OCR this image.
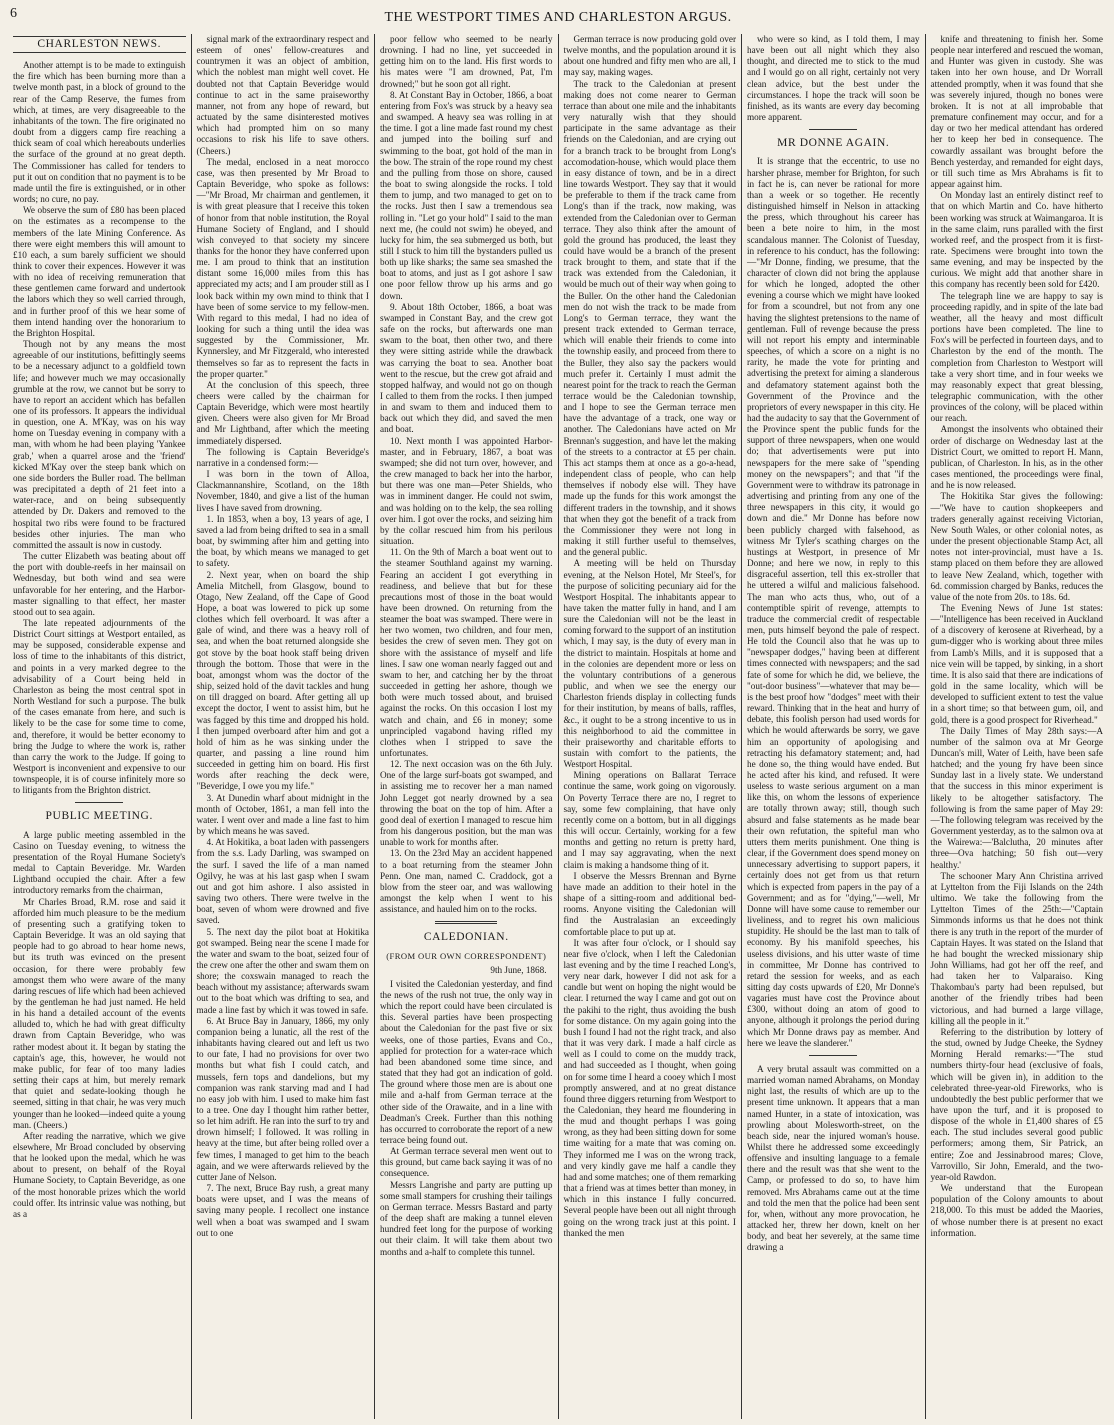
6	THE WESTPORT TIMES AND CHARLESTON ARGUS.
CHARLESTON NEWS.

Another attempt is to be made to extinguish the fire which has been burning more than a twelve month past, in a block of ground to the rear of the Camp Reserve, the fumes from which, at times, are very disagreeable to the inhabitants of the town. The fire originated no doubt from a diggers camp fire reaching a thick seam of coal which hereabouts underlies the surface of the ground at no great depth. The Commissioner has called for tenders to put it out on condition that no payment is to be made until the fire is extinguished, or in other words; no cure, no pay.

We observe the sum of £80 has been placed on the estimates as a recompense to the members of the late Mining Conference. As there were eight members this will amount to £10 each, a sum barely sufficient we should think to cover their expences. However it was with no idea of receiving remuneration that these gentlemen came forward and undertook the labors which they so well carried through, and in further proof of this we hear some of them intend handing over the honorarium to the Brighton Hospital.

Though not by any means the most agreeable of our institutions, befittingly seems to be a necessary adjunct to a goldfield town life; and however much we may occasionally grumble at the row, we cannot but be sorry to have to report an accident which has befallen one of its professors. It appears the individual in question, one A. M'Kay, was on his way home on Tuesday evening in company with a man, with whom he had been playing 'Yankee grab,' when a quarrel arose and the 'friend' kicked M'Kay over the steep bank which on one side borders the Buller road. The bellman was precipitated a depth of 21 feet into a water-race, and on being subsequently attended by Dr. Dakers and removed to the hospital two ribs were found to be fractured besides other injuries. The man who committed the assault is now in custody.

The cutter Elizabeth was beating about off the port with double-reefs in her mainsail on Wednesday, but both wind and sea were unfavorable for her entering, and the Harbor-master signalling to that effect, her master stood out to sea again.

The late repeated adjournments of the District Court sittings at Westport entailed, as may be supposed, considerable expense and loss of time to the inhabitants of this district, and points in a very marked degree to the advisability of a Court being held in Charleston as being the most central spot in North Westland for such a purpose. The bulk of the cases emanate from here, and such is likely to be the case for some time to come, and, therefore, it would be better economy to bring the Judge to where the work is, rather than carry the work to the Judge. If going to Westport is inconvenient and expensive to our townspeople, it is of course infinitely more so to litigants from the Brighton district.

PUBLIC MEETING.

A large public meeting assembled in the Casino on Tuesday evening, to witness the presentation of the Royal Humane Society's medal to Captain Beveridge. Mr. Warden Lightband occupied the chair. After a few introductory remarks from the chairman,

Mr Charles Broad, R.M. rose and said it afforded him much pleasure to be the medium of presenting such a gratifying token to Captain Beveridge. It was an old saying that people had to go abroad to hear home news, but its truth was evinced on the present occasion, for there were probably few amongst them who were aware of the many daring rescues of life which had been achieved by the gentleman he had just named. He held in his hand a detailed account of the events alluded to, which he had with great difficulty drawn from Captain Beveridge, who was rather modest about it. It began by stating the captain's age, this, however, he would not make public, for fear of too many ladies setting their caps at him, but merely remark that quiet and sedate-looking though he seemed, sitting in that chair, he was very much younger than he looked—indeed quite a young man. (Cheers.)

After reading the narrative, which we give elsewhere, Mr Broad concluded by observing that he looked upon the medal, which he was about to present, on behalf of the Royal Humane Society, to Captain Beveridge, as one of the most honorable prizes which the world could offer. Its intrinsic value was nothing, but as a

signal mark of the extraordinary respect and esteem of ones' fellow-creatures and countrymen it was an object of ambition, which the noblest man might well covet. He doubted not that Captain Beveridge would continue to act in the same praiseworthy manner, not from any hope of reward, but actuated by the same disinterested motives which had prompted him on so many occasions to risk his life to save others. (Cheers.)

The medal, enclosed in a neat morocco case, was then presented by Mr Broad to Captain Beveridge, who spoke as follows:—"Mr Broad, Mr chairman and gentlemen, it is with great pleasure that I receive this token of honor from that noble institution, the Royal Humane Society of England, and I should wish conveyed to that society my sincere thanks for the honor they have conferred upon me. I am proud to think that an institution distant some 16,000 miles from this has appreciated my acts; and I am prouder still as I look back within my own mind to think that I have been of some service to my fellow-men. With regard to this medal, I had no idea of looking for such a thing until the idea was suggested by the Commissioner, Mr. Kynnersley, and Mr Fitzgerald, who interested themselves so far as to represent the facts in the proper quarter."

At the conclusion of this speech, three cheers were called by the chairman for Captain Beveridge, which were most heartily given. Cheers were also given for Mr Broad and Mr Lightband, after which the meeting immediately dispersed.

The following is Captain Beveridge's narrative in a condensed form:—

I was born in the town of Alloa, Clackmannanshire, Scotland, on the 18th November, 1840, and give a list of the human lives I have saved from drowning.

1. In 1853, when a boy, 13 years of age, I saved a lad from being drifted to sea in a small boat, by swimming after him and getting into the boat, by which means we managed to get to safety.

2. Next year, when on board the ship Amelia Mitchell, from Glasgow, bound to Otago, New Zealand, off the Cape of Good Hope, a boat was lowered to pick up some clothes which fell overboard. It was after a gale of wind, and there was a heavy roll of sea, and when the boat returned alongside she got stove by the boat hook staff being driven through the bottom. Those that were in the boat, amongst whom was the doctor of the ship, seized hold of the davit tackles and hung on till dragged on board. After getting all up except the doctor, I went to assist him, but he was fagged by this time and dropped his hold. I then jumped overboard after him and got a hold of him as he was sinking under the quarter, and passing a line round him succeeded in getting him on board. His first words after reaching the deck were, "Beveridge, I owe you my life."

3. At Dunedin wharf about midnight in the month of October, 1861, a man fell into the water. I went over and made a line fast to him by which means he was saved.

4. At Hokitika, a boat laden with passengers from the s.s. Lady Darling, was swamped on the surf. I saved the life of a man named Ogilvy, he was at his last gasp when I swam out and got him ashore. I also assisted in saving two others. There were twelve in the boat, seven of whom were drowned and five saved.

5. The next day the pilot boat at Hokitika got swamped. Being near the scene I made for the water and swam to the boat, seized four of the crew one after the other and swam them on shore; the coxswain managed to reach the beach without my assistance; afterwards swam out to the boat which was drifting to sea, and made a line fast by which it was towed in safe.

6. At Bruce Bay in January, 1866, my only companion being a lunatic, all the rest of the inhabitants having cleared out and left us two to our fate, I had no provisions for over two months but what fish I could catch, and mussels, fern tops and dandelions, but my companion was rank starving mad and I had no easy job with him. I used to make him fast to a tree. One day I thought him rather better, so let him adrift. He ran into the surf to try and drown himself; I followed. It was rolling in heavy at the time, but after being rolled over a few times, I managed to get him to the beach again, and we were afterwards relieved by the cutter Jane of Nelson.

7. The next, Bruce Bay rush, a great many boats were upset, and I was the means of saving many people. I recollect one instance well when a boat was swamped and I swam out to one

poor fellow who seemed to be nearly drowning. I had no line, yet succeeded in getting him on to the land. His first words to his mates were "I am drowned, Pat, I'm drowned;" but he soon got all right.

8. At Constant Bay in October, 1866, a boat entering from Fox's was struck by a heavy sea and swamped. A heavy sea was rolling in at the time. I got a line made fast round my chest and jumped into the boiling surf and swimming to the boat, got hold of the man in the bow. The strain of the rope round my chest and the pulling from those on shore, caused the boat to swing alongside the rocks. I told them to jump, and two managed to get on to the rocks. Just then I saw a tremendous sea rolling in. "Let go your hold" I said to the man next me, (he could not swim) he obeyed, and lucky for him, the sea submerged us both, but still I stuck to him till the bystanders pulled us both up like sharks; the same sea smashed the boat to atoms, and just as I got ashore I saw one poor fellow throw up his arms and go down.

9. About 18th October, 1866, a boat was swamped in Constant Bay, and the crew got safe on the rocks, but afterwards one man swam to the boat, then other two, and there they were sitting astride while the drawback was carrying the boat to sea. Another boat went to the rescue, but the crew got afraid and stopped halfway, and would not go on though I called to them from the rocks. I then jumped in and swam to them and induced them to back out which they did, and saved the men and boat.

10. Next month I was appointed Harbor-master, and in February, 1867, a boat was swamped; she did not turn over, however, and the crew managed to back her into the harbor, but there was one man—Peter Shields, who was in imminent danger. He could not swim, and was holding on to the kelp, the sea rolling over him. I got over the rocks, and seizing him by the collar rescued him from his perilous situation.

11. On the 9th of March a boat went out to the steamer Southland against my warning. Fearing an accident I got everything in readiness, and believe that but for these precautions most of those in the boat would have been drowned. On returning from the steamer the boat was swamped. There were in her two women, two children, and four men, besides the crew of seven men. They got on shore with the assistance of myself and life lines. I saw one woman nearly fagged out and swam to her, and catching her by the throat succeeded in getting her ashore, though we both were much tossed about, and bruised against the rocks. On this occasion I lost my watch and chain, and £6 in money; some unprincipled vagabond having rifled my clothes when I stripped to save the unfortunates.

12. The next occasion was on the 6th July. One of the large surf-boats got swamped, and in assisting me to recover her a man named John Legget got nearly drowned by a sea throwing the boat on the top of him. After a good deal of exertion I managed to rescue him from his dangerous position, but the man was unable to work for months after.

13. On the 23rd May an accident happened to a boat returning from the steamer John Penn. One man, named C. Craddock, got a blow from the steer oar, and was wallowing amongst the kelp when I went to his assistance, and hauled him on to the rocks.

CALEDONIAN.
(FROM OUR OWN CORRESPONDENT)
9th June, 1868.

I visited the Caledonian yesterday, and find the news of the rush not true, the only way in which the report could have been circulated is this. Several parties have been prospecting about the Caledonian for the past five or six weeks, one of those parties, Evans and Co., applied for protection for a water-race which had been abandoned some time since, and stated that they had got an indication of gold. The ground where those men are is about one mile and a-half from German terrace at the other side of the Orawaite, and in a line with Deadman's Creek. Further than this nothing has occurred to corroborate the report of a new terrace being found out.

At German terrace several men went out to this ground, but came back saying it was of no consequence.

Messrs Langrishe and party are putting up some small stampers for crushing their tailings on German terrace. Messrs Bastard and party of the deep shaft are making a tunnel eleven hundred feet long for the purpose of working out their claim. It will take them about two months and a-half to complete this tunnel.

German terrace is now producing gold over twelve months, and the population around it is about one hundred and fifty men who are all, I may say, making wages.

The track to the Caledonian at present making does not come nearer to German terrace than about one mile and the inhabitants very naturally wish that they should participate in the same advantage as their friends on the Caledonian, and are crying out for a branch track to be brought from Long's accomodation-house, which would place them in easy distance of town, and be in a direct line towards Westport. They say that it would be preferable to them if the track came from Long's than if the track, now making, was extended from the Caledonian over to German terrace. They also think after the amount of gold the ground has produced, the least they could have would be a branch of the present track brought to them, and state that if the track was extended from the Caledonian, it would be much out of their way when going to the Buller. On the other hand the Caledonian men do not wish the track to be made from Long's to German terrace, they want the present track extended to German terrace, which will enable their friends to come into the township easily, and proceed from there to the Buller, they also say the packers would much prefer it. Certainly I must admit the nearest point for the track to reach the German terrace would be the Caledonian township, and I hope to see the German terrace men have the advantage of a track, one way or another. The Caledonians have acted on Mr Brennan's suggestion, and have let the making of the streets to a contractor at £5 per chain. This act stamps them at once as a go-a-head, independent class of people, who can help themselves if nobody else will. They have made up the funds for this work amongst the different traders in the township, and it shows that when they got the benefit of a track from the Commissioner they were not long in making it still further useful to themselves, and the general public.

A meeting will be held on Thursday evening, at the Nelson Hotel, Mr Steel's, for the purpose of soliciting pecuniary aid for the Westport Hospital. The inhabitants appear to have taken the matter fully in hand, and I am sure the Caledonian will not be the least in coming forward to the support of an institution which, I may say, is the duty of every man in the district to maintain. Hospitals at home and in the colonies are dependent more or less on the voluntary contributions of a generous public, and when we see the energy our Charleston friends display in collecting funds for their institution, by means of balls, raffles, &c., it ought to be a strong incentive to us in this neighborhood to aid the committee in their praiseworthy and charitable efforts to sustain with comfort to the patients, the Westport Hospital.

Mining operations on Ballarat Terrace continue the same, work going on vigorously. On Poverty Terrace there are no, I regret to say, some few complaining, that have only recently come on a bottom, but in all diggings this will occur. Certainly, working for a few months and getting no return is pretty hard, and I may say aggravating, when the next claim is making a handsome thing of it.

I observe the Messrs Brennan and Byrne have made an addition to their hotel in the shape of a sitting-room and additional bed-rooms. Anyone visiting the Caledonian will find the Australasian an exceedingly comfortable place to put up at.

It was after four o'clock, or I should say near five o'clock, when I left the Caledonian last evening and by the time I reached Long's, very near dark, however I did not ask for a candle but went on hoping the night would be clear. I returned the way I came and got out on the pakihi to the right, thus avoiding the bush for some distance. On my again going into the bush I found I had not the right track, and also that it was very dark. I made a half circle as well as I could to come on the muddy track, and had succeeded as I thought, when going on for some time I heard a cooey which I most promptly answered, and at no great distance found three diggers returning from Westport to the Caledonian, they heard me floundering in the mud and thought perhaps I was going wrong, as they had been sitting down for some time waiting for a mate that was coming on. They informed me I was on the wrong track, and very kindly gave me half a candle they had and some matches; one of them remarking that a friend was at times better than money, in which in this instance I fully concurred. Several people have been out all night through going on the wrong track just at this point. I thanked the men

who were so kind, as I told them, I may have been out all night which they also thought, and directed me to stick to the mud and I would go on all right, certainly not very clean advice, but the best under the circumstances. I hope the track will soon be finished, as its wants are every day becoming more apparent.

MR DONNE AGAIN.

It is strange that the eccentric, to use no harsher phrase, member for Brighton, for such in fact he is, can never be rational for more than a week or so together. He recently distinguished himself in Nelson in attacking the press, which throughout his career has been a bete noire to him, in the most scandalous manner. The Colonist of Tuesday, in reference to his conduct, has the following:—"Mr Donne, finding, we presume, that the character of clown did not bring the applause for which he longed, adopted the other evening a course which we might have looked for from a scoundrel, but not from any one having the slightest pretensions to the name of gentleman. Full of revenge because the press will not report his empty and interminable speeches, of which a score on a night is no rarity, he made the vote for printing and advertising the pretext for aiming a slanderous and defamatory statement against both the Government of the Province and the proprietors of every newspaper in this city. He had the audacity to say that the Government of the Province spent the public funds for the support of three newspapers, when one would do; that advertisements were put into newspapers for the mere sake of "spending money on the newspapers"; and that "if the Government were to withdraw its patronage in advertising and printing from any one of the three newspapers in this city, it would go down and die." Mr Donne has before now been publicly charged with falsehood, as witness Mr Tyler's scathing charges on the hustings at Westport, in presence of Mr Donne; and here we now, in reply to this disgraceful assertion, tell this ex-stroller that he uttered a wilful and malicious falsehood. The man who acts thus, who, out of a contemptible spirit of revenge, attempts to traduce the commercial credit of respectable men, puts himself beyond the pale of respect. He told the Council also that he was up to "newspaper dodges," having been at different times connected with newspapers; and the sad fate of some for which he did, we believe, the "out-door business"—whatever that may be—is the best proof how "dodges" meet with their reward. Thinking that in the heat and hurry of debate, this foolish person had used words for which he would afterwards be sorry, we gave him an opportunity of apologising and retracting his defamatory statement; and, had he done so, the thing would have ended. But he acted after his kind, and refused. It were useless to waste serious argument on a man like this, on whom the lessons of experience are totally thrown away; still, though such absurd and false statements as he made bear their own refutation, the spiteful man who utters them merits punishment. One thing is clear, if the Government does spend money on unnecessary advertising to support papers, it certainly does not get from us that return which is expected from papers in the pay of a Government; and as for "dying,"—well, Mr Donne will have some cause to remember our liveliness, and to regret his own malicious stupidity. He should be the last man to talk of economy. By his manifold speeches, his useless divisions, and his utter waste of time in committee, Mr Donne has contrived to retard the session for weeks, and as each sitting day costs upwards of £20, Mr Donne's vagaries must have cost the Province about £300, without doing an atom of good to anyone, although it prolongs the period during which Mr Donne draws pay as member. And here we leave the slanderer."

A very brutal assault was committed on a married woman named Abrahams, on Monday night last, the results of which are up to the present time unknown. It appears that a man named Hunter, in a state of intoxication, was prowling about Molesworth-street, on the beach side, near the injured woman's house. Whilst there he addressed some exceedingly offensive and insulting language to a female there and the result was that she went to the Camp, or professed to do so, to have him removed. Mrs Abrahams came out at the time and told the men that the police had been sent for, when, without any more provocation, he attacked her, threw her down, knelt on her body, and beat her severely, at the same time drawing a

knife and threatening to finish her. Some people near interfered and rescued the woman, and Hunter was given in custody. She was taken into her own house, and Dr Worrall attended promptly, when it was found that she was severely injured, though no bones were broken. It is not at all improbable that premature confinement may occur, and for a day or two her medical attendant has ordered her to keep her bed in consequence. The cowardly assailant was brought before the Bench yesterday, and remanded for eight days, or till such time as Mrs Abrahams is fit to appear against him.

On Monday last an entirely distinct reef to that on which Martin and Co. have hitherto been working was struck at Waimangaroa. It is in the same claim, runs paralled with the first worked reef, and the prospect from it is first-rate. Specimens were brought into town the same evening, and may be inspected by the curious. We might add that another share in this company has recently been sold for £420.

The telegraph line we are happy to say is proceeding rapidly, and in spite of the late bad weather, all the heavy and most difficult portions have been completed. The line to Fox's will be perfected in fourteen days, and to Charleston by the end of the month. The completion from Charleston to Westport will take a very short time, and in four weeks we may reasonably expect that great blessing, telegraphic communication, with the other provinces of the colony, will be placed within our reach.

Amongst the insolvents who obtained their order of discharge on Wednesday last at the District Court, we omitted to report H. Mann, publican, of Charleston. In his, as in the other cases mentioned, the proceedings were final, and he is now released.

The Hokitika Star gives the following:—"We have to caution shopkeepers and traders generally against receiving Victorian, New South Wales, or other colonial notes, as under the present objectionable Stamp Act, all notes not inter-provincial, must have a 1s. stamp placed on them before they are allowed to leave New Zealand, which, together with 6d. commission charged by Banks, reduces the value of the note from 20s. to 18s. 6d.

The Evening News of June 1st states:—"Intelligence has been received in Auckland of a discovery of kerosene at Riverhead, by a gum-digger who is working about three miles from Lamb's Mills, and it is supposed that a nice vein will be tapped, by sinking, in a short time. It is also said that there are indications of gold in the same locality, which will be developed to sufficient extent to test the value in a short time; so that between gum, oil, and gold, there is a good prospect for Riverhead."

The Daily Times of May 28th says:—A number of the salmon ova at Mr George Duncan's mill, Water of Leith, have been safe hatched; and the young fry have been since Sunday last in a lively state. We understand that the success in this minor experiment is likely to be altogether satisfactory. The following is from the same paper of May 29:—The following telegram was received by the Government yesterday, as to the salmon ova at the Wairewa:—'Balclutha, 20 minutes after three—Ova hatching; 50 fish out—very healthy.'

The schooner Mary Ann Christina arrived at Lyttelton from the Fiji Islands on the 24th ultimo. We take the following from the Lyttelton Times of the 25th:—"Captain Simmonds informs us that he does not think there is any truth in the report of the murder of Captain Hayes. It was stated on the Island that he had bought the wrecked missionary ship John Williams, had got her off the reef, and had taken her to Valparaiso. King Thakombau's party had been repulsed, but another of the friendly tribes had been victorious, and had burned a large village, killing all the people in it."

Referring to the distribution by lottery of the stud, owned by Judge Cheeke, the Sydney Morning Herald remarks:—"The stud numbers thirty-four head (exclusive of foals, which will be given in), in addition to the celebrated three-year-old Fireworks, who is undoubtedly the best public performer that we have upon the turf, and it is proposed to dispose of the whole in £1,400 shares of £5 each. The stud includes several good public performers; among them, Sir Patrick, an entire; Zoe and Jessinabrood mares; Clove, Varrovillo, Sir John, Emerald, and the two-year-old Rawdon.

We understand that the European population of the Colony amounts to about 218,000. To this must be added the Maories, of whose number there is at present no exact information.
